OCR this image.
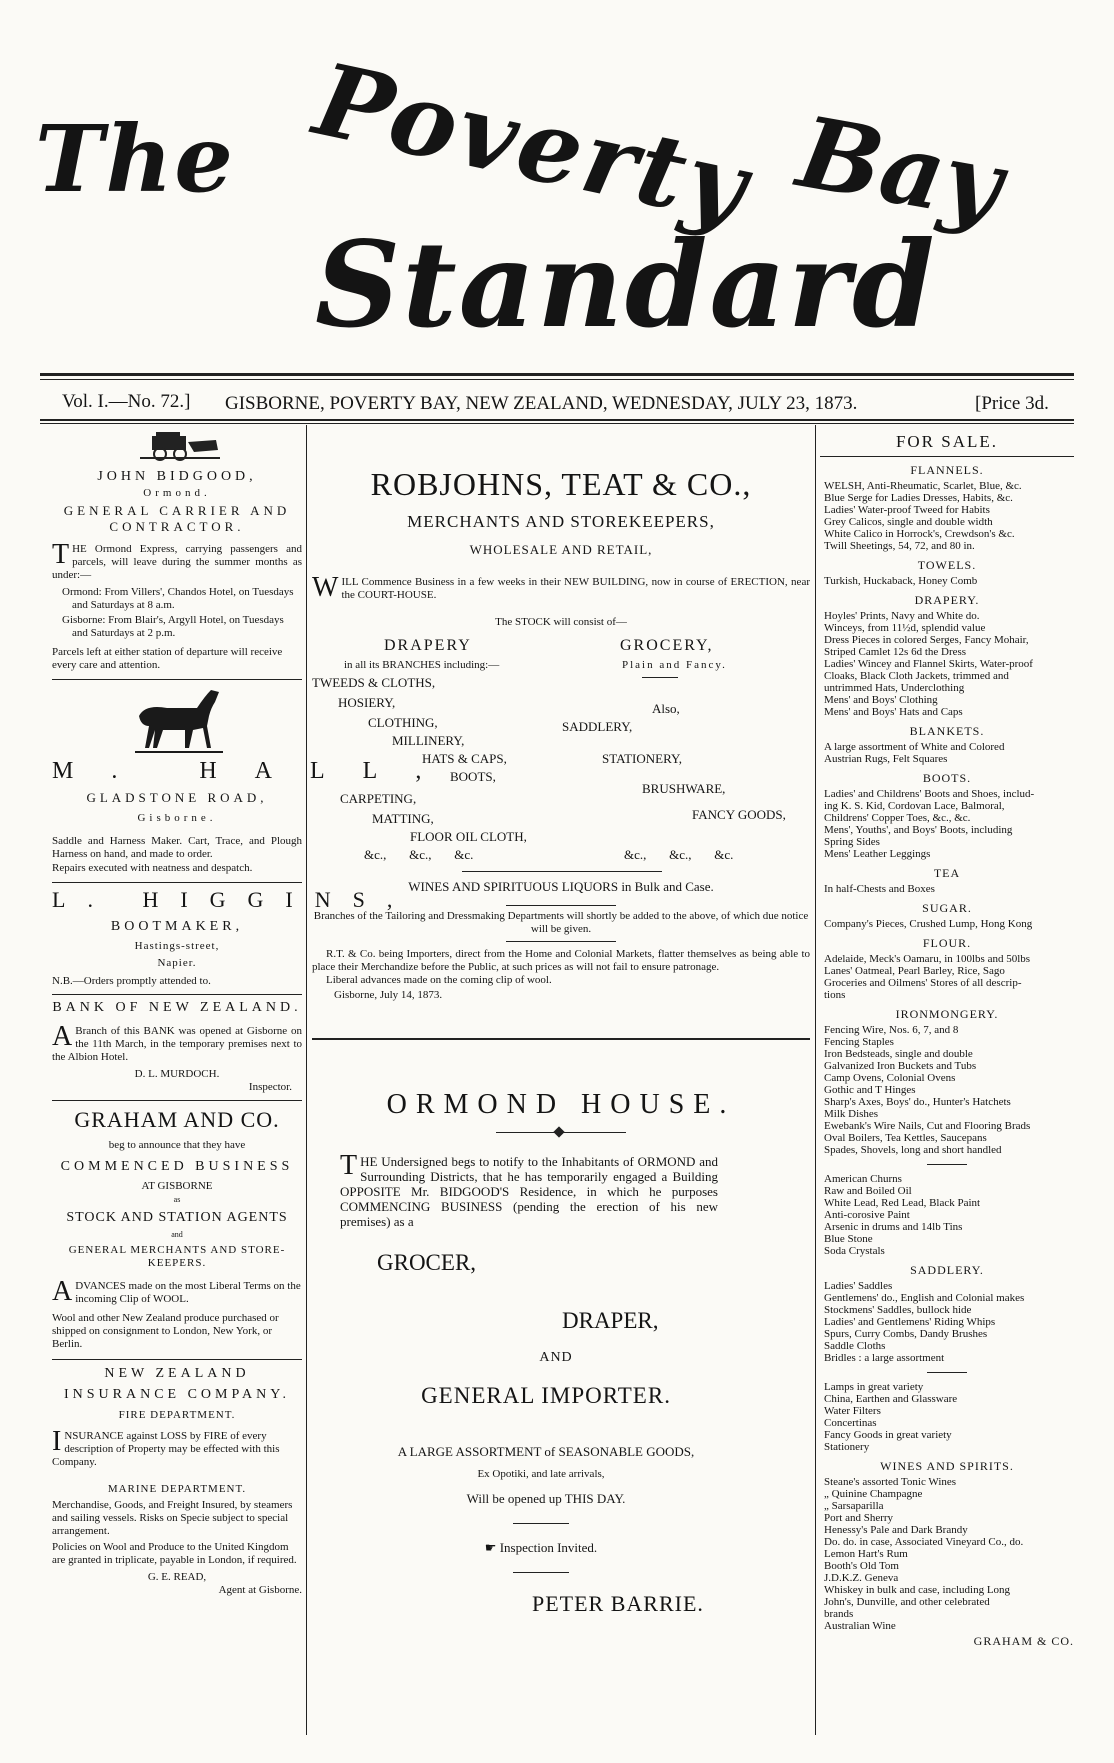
The Poverty Bay
Standard
Vol. I.—No. 72.] GISBORNE, POVERTY BAY, NEW ZEALAND, WEDNESDAY, JULY 23, 1873.	[Price 3d.
JOHN BIDGOOD,
Ormond.
GENERAL CARRIER AND CONTRACTOR.
THE Ormond Express, carrying passengers and parcels, will leave during the summer months as under:—
Ormond: From Villers', Chandos Hotel, on Tuesdays and Saturdays at 8 a.m.
Gisborne: From Blair's, Argyll Hotel, on Tuesdays and Saturdays at 2 p.m.
Parcels left at either station of departure will receive every care and attention.
M. HALL,
GLADSTONE ROAD,
Gisborne.
Saddle and Harness Maker. Cart, Trace, and Plough Harness on hand, and made to order.
Repairs executed with neatness and despatch.
L. HIGGINS,
BOOTMAKER,
Hastings-street,
Napier.
N.B.—Orders promptly attended to.
BANK OF NEW ZEALAND.
ABranch of this BANK was opened at Gisborne on the 11th March, in the temporary premises next to the Albion Hotel.
D. L. MURDOCH.
Inspector.
GRAHAM AND CO.
beg to announce that they have
COMMENCED BUSINESS
AT GISBORNE
as
STOCK AND STATION AGENTS
and
GENERAL MERCHANTS AND STORE-KEEPERS.
ADVANCES made on the most Liberal Terms on the incoming Clip of WOOL.
Wool and other New Zealand produce purchased or shipped on consignment to London, New York, or Berlin.
NEW ZEALAND
INSURANCE COMPANY.
FIRE DEPARTMENT.
INSURANCE against LOSS by FIRE of every description of Property may be effected with this Company.
MARINE DEPARTMENT.
Merchandise, Goods, and Freight Insured, by steamers and sailing vessels. Risks on Specie subject to special arrangement.
Policies on Wool and Produce to the United Kingdom are granted in triplicate, payable in London, if required.
G. E. READ,
Agent at Gisborne.
ROBJOHNS, TEAT & CO.,
MERCHANTS AND STOREKEEPERS,
WHOLESALE AND RETAIL,
WILL Commence Business in a few weeks in their NEW BUILDING, now in course of ERECTION, near the COURT-HOUSE.
The STOCK will consist of—
DRAPERY
in all its BRANCHES including:—
GROCERY,
Plain and Fancy.
TWEEDS & CLOTHS,
HOSIERY,
CLOTHING,
MILLINERY,
HATS & CAPS,
BOOTS,
CARPETING,
MATTING,
FLOOR OIL CLOTH,
&c.,       &c.,       &c.
Also,
SADDLERY,
STATIONERY,
BRUSHWARE,
FANCY GOODS,
&c.,       &c.,       &c.
WINES AND SPIRITUOUS LIQUORS in Bulk and Case.
Branches of the Tailoring and Dressmaking Departments will shortly be added to the above, of which due notice will be given.
R.T. & Co. being Importers, direct from the Home and Colonial Markets, flatter themselves as being able to place their Merchandize before the Public, at such prices as will not fail to ensure patronage.
Liberal advances made on the coming clip of wool.
Gisborne, July 14, 1873.
ORMOND HOUSE.
THE Undersigned begs to notify to the Inhabitants of ORMOND and Surrounding Districts, that he has temporarily engaged a Building OPPOSITE Mr. BIDGOOD'S Residence, in which he purposes COMMENCING BUSINESS (pending the erection of his new premises) as a
GROCER,
DRAPER,
AND
GENERAL IMPORTER.
A LARGE ASSORTMENT of SEASONABLE GOODS,
Ex Opotiki, and late arrivals,
Will be opened up THIS DAY.
☛ Inspection Invited.
PETER BARRIE.
FOR SALE.
FLANNELS.
WELSH, Anti-Rheumatic, Scarlet, Blue, &c.
Blue Serge for Ladies Dresses, Habits, &c.
Ladies' Water-proof Tweed for Habits
Grey Calicos, single and double width
White Calico in Horrock's, Crewdson's &c.
Twill Sheetings, 54, 72, and 80 in.
TOWELS.
Turkish, Huckaback, Honey Comb
DRAPERY.
Hoyles' Prints, Navy and White do.
Winceys, from 11½d, splendid value
Dress Pieces in colored Serges, Fancy Mohair,
Striped Camlet 12s 6d the Dress
Ladies' Wincey and Flannel Skirts, Water-proof
Cloaks, Black Cloth Jackets, trimmed and
untrimmed Hats, Underclothing
Mens' and Boys' Clothing
Mens' and Boys' Hats and Caps
BLANKETS.
A large assortment of White and Colored
Austrian Rugs, Felt Squares
BOOTS.
Ladies' and Childrens' Boots and Shoes, includ-
ing K. S. Kid, Cordovan Lace, Balmoral,
Childrens' Copper Toes, &c., &c.
Mens', Youths', and Boys' Boots, including
Spring Sides
Mens' Leather Leggings
TEA
In half-Chests and Boxes
SUGAR.
Company's Pieces, Crushed Lump, Hong Kong
FLOUR.
Adelaide, Meck's Oamaru, in 100lbs and 50lbs
Lanes' Oatmeal, Pearl Barley, Rice, Sago
Groceries and Oilmens' Stores of all descrip-
tions
IRONMONGERY.
Fencing Wire, Nos. 6, 7, and 8
Fencing Staples
Iron Bedsteads, single and double
Galvanized Iron Buckets and Tubs
Camp Ovens, Colonial Ovens
Gothic and T Hinges
Sharp's Axes, Boys' do., Hunter's Hatchets
Milk Dishes
Ewebank's Wire Nails, Cut and Flooring Brads
Oval Boilers, Tea Kettles, Saucepans
Spades, Shovels, long and short handled
American Churns
Raw and Boiled Oil
White Lead, Red Lead, Black Paint
Anti-corosive Paint
Arsenic in drums and 14lb Tins
Blue Stone
Soda Crystals
SADDLERY.
Ladies' Saddles
Gentlemens' do., English and Colonial makes
Stockmens' Saddles, bullock hide
Ladies' and Gentlemens' Riding Whips
Spurs, Curry Combs, Dandy Brushes
Saddle Cloths
Bridles : a large assortment
Lamps in great variety
China, Earthen and Glassware
Water Filters
Concertinas
Fancy Goods in great variety
Stationery
WINES AND SPIRITS.
Steane's assorted Tonic Wines
„ Quinine Champagne
„ Sarsaparilla
Port and Sherry
Henessy's Pale and Dark Brandy
Do. do. in case, Associated Vineyard Co., do.
Lemon Hart's Rum
Booth's Old Tom
J.D.K.Z. Geneva
Whiskey in bulk and case, including Long
John's, Dunville, and other celebrated
brands
Australian Wine
GRAHAM & CO.
